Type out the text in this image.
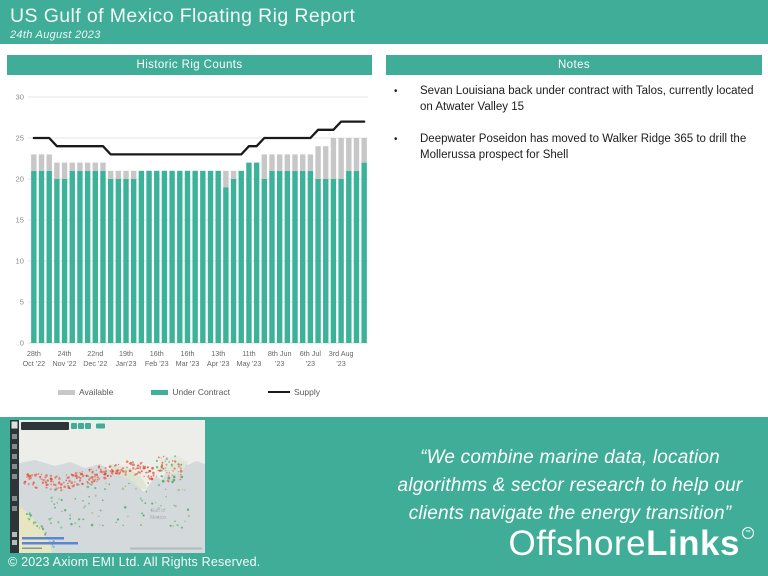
US Gulf of Mexico Floating Rig Report
24th August 2023
Historic Rig Counts	Notes
0
5
10
15
20
25
30
28th
Oct '22
24th
Nov '22
22nd
Dec '22
19th
Jan'23
16th
Feb '23
16th
Mar '23
13th
Apr '23
11th
May '23
8th Jun
'23
6th Jul
'23
3rd Aug
'23
Available	Under Contract	Supply
•	Sevan Louisiana back under contract with Talos, currently located on Atwater Valley 15
•	Deepwater Poseidon has moved to Walker Ridge 365 to drill the Mollerussa prospect for Shell
Gulf of
Mexico
© 2023 Axiom EMI Ltd. All Rights Reserved.
“We combine marine data, location
algorithms & sector research to help our
clients navigate the energy transition”
Offshore Links ™
